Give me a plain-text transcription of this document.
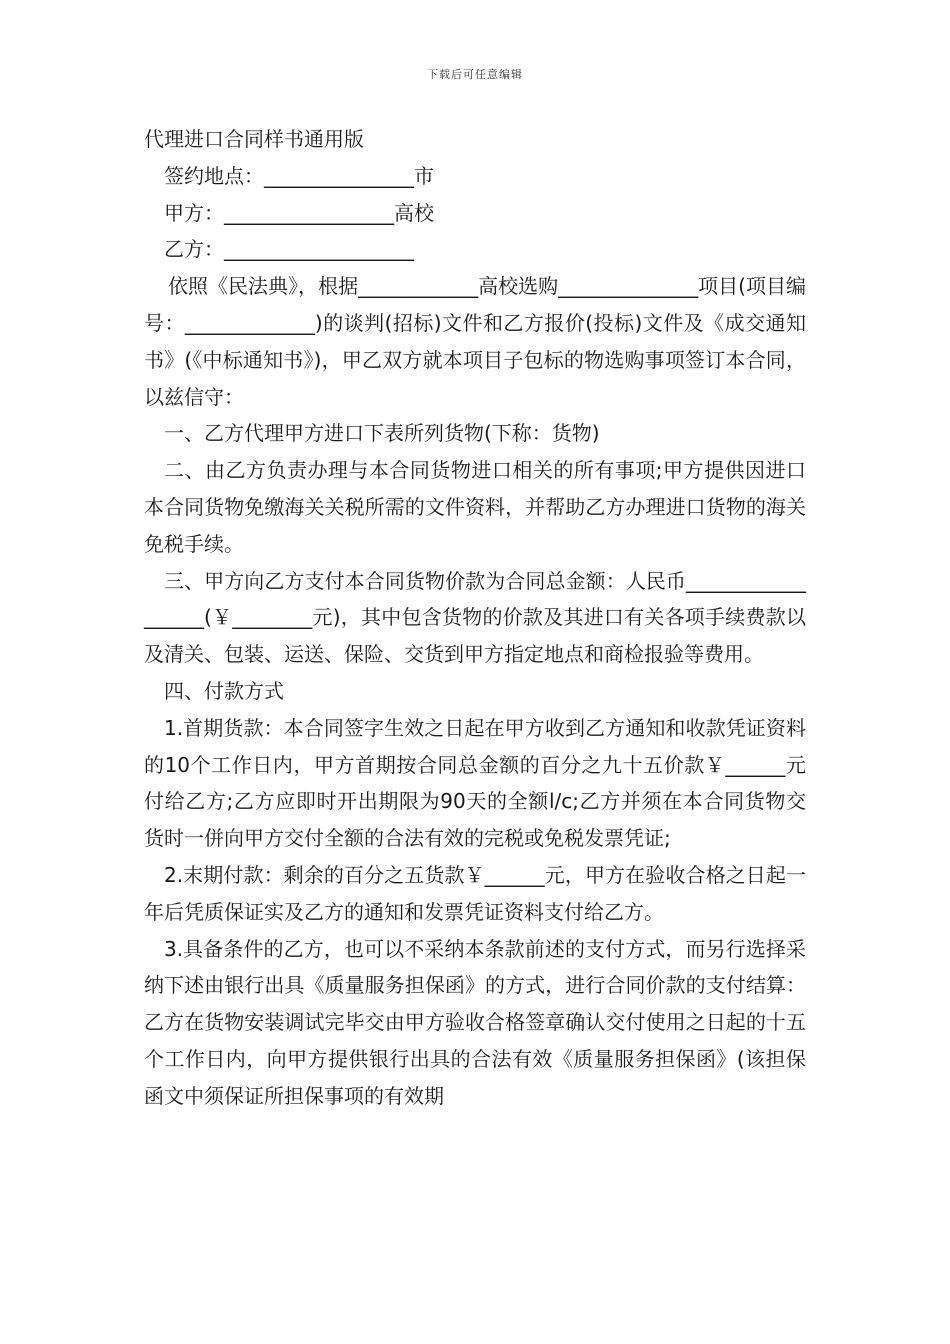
下载后可任意编辑

代理进口合同样书通用版

签约地点：_______________市

甲方：_________________高校

乙方：___________________

依照《民法典》，根据____________高校选购______________项目(项目编号：_____________)的谈判(招标)文件和乙方报价(投标)文件及《成交通知书》(《中标通知书》)，甲乙双方就本项目子包标的物选购事项签订本合同， 以兹信守：

一、乙方代理甲方进口下表所列货物(下称：货物)

二、由乙方负责办理与本合同货物进口相关的所有事项;甲方提供因进口本合同货物免缴海关关税所需的文件资料，并帮助乙方办理进口货物的海关免税手续。

三、甲方向乙方支付本合同货物价款为合同总金额：人民币__________________(￥________元)，其中包含货物的价款及其进口有关各项手续费款以及清关、包装、运送、保险、交货到甲方指定地点和商检报验等费用。

四、付款方式

1.首期货款：本合同签字生效之日起在甲方收到乙方通知和收款凭证资料的10个工作日内，甲方首期按合同总金额的百分之九十五价款￥______元 付给乙方;乙方应即时开出期限为90天的全额l/c;乙方并须在本合同货物交货时一併向甲方交付全额的合法有效的完税或免税发票凭证;

2.末期付款：剩余的百分之五货款￥______元，甲方在验收合格之日起一年后凭质保证实及乙方的通知和发票凭证资料支付给乙方。

3.具备条件的乙方，也可以不采纳本条款前述的支付方式，而另行选择采纳下述由银行出具《质量服务担保函》的方式，进行合同价款的支付结算：乙方在货物安装调试完毕交由甲方验收合格签章确认交付使用之日起的十五个工作日内，向甲方提供银行出具的合法有效《质量服务担保函》(该担保函文中须保证所担保事项的有效期
